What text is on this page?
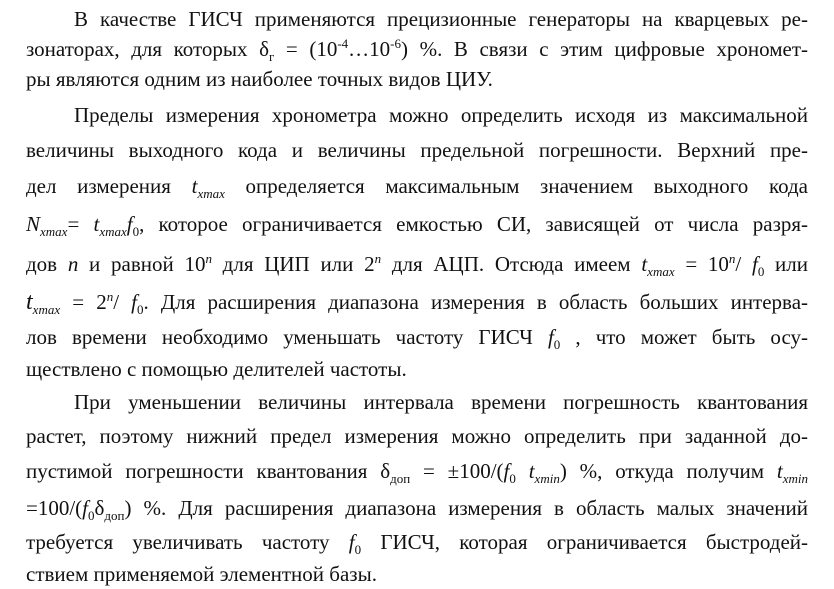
В качестве ГИСЧ применяются прецизионные генераторы на кварцевых ре-
зонаторах, для которых $\delta_г$ = $(10^{-4}\dots 10^{-6})$ %. В связи с этим цифровые хрономет-
ры являются одним из наиболее точных видов ЦИУ.
Пределы измерения хронометра можно определить исходя из максимальной
величины выходного кода и величины предельной погрешности. Верхний пре-
дел измерения $t_{xmax}$ определяется максимальным значением выходного кода
$N_{xmax}= t_{xmax}f_0$, которое ограничивается емкостью СИ, зависящей от числа разря-
дов n и равной 10$^n$ для ЦИП или 2$^n$ для АЦП. Отсюда имеем $t_{xmax} = 10^n/$ $f_0$ или
$t_{xmax} = 2^n/$ $f_0$. Для расширения диапазона измерения в область больших интерва-
лов времени необходимо уменьшать частоту ГИСЧ $f_0$ , что может быть осу-
ществлено с помощью делителей частоты.
При уменьшении величины интервала времени погрешность квантования
растет, поэтому нижний предел измерения можно определить при заданной до-
пустимой погрешности квантования $\delta_{доп} = \pm 100/(f_0$ $t_{xmin}$) %, откуда получим $t_{xmin}$
$=100/(f_0\delta_{доп})$ %. Для расширения диапазона измерения в область малых значений
требуется увеличивать частоту $f_0$ ГИСЧ, которая ограничивается быстродей-
ствием применяемой элементной базы.
